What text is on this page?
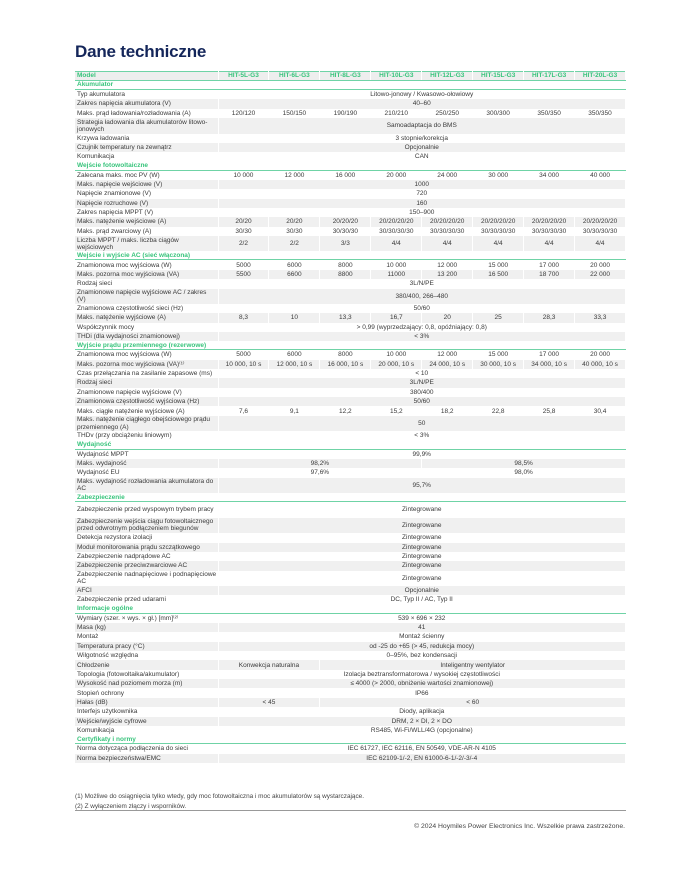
Dane techniczne
Model	HIT-5L-G3	HIT-6L-G3	HIT-8L-G3	HIT-10L-G3	HIT-12L-G3	HIT-15L-G3	HIT-17L-G3	HIT-20L-G3
Akumulator								
Typ akumulatora	Litowo-jonowy / Kwasowo-ołowiowy							
Zakres napięcia akumulatora (V)	40–60							
Maks. prąd ładowania/rozładowania (A)	120/120	150/150	190/190	210/210	250/250	300/300	350/350	350/350
Strategia ładowania dla akumulatorów litowo-jonowych	Samoadaptacja do BMS							
Krzywa ładowania	3 stopnie/korekcja							
Czujnik temperatury na zewnątrz	Opcjonalnie							
Komunikacja	CAN							
Wejście fotowoltaiczne								
Zalecana maks. moc PV (W)	10 000	12 000	16 000	20 000	24 000	30 000	34 000	40 000
Maks. napięcie wejściowe (V)	1000							
Napięcie znamionowe (V)	720							
Napięcie rozruchowe (V)	160							
Zakres napięcia MPPT (V)	150–900							
Maks. natężenie wejściowe (A)	20/20	20/20	20/20/20	20/20/20/20	20/20/20/20	20/20/20/20	20/20/20/20	20/20/20/20
Maks. prąd zwarciowy (A)	30/30	30/30	30/30/30	30/30/30/30	30/30/30/30	30/30/30/30	30/30/30/30	30/30/30/30
Liczba MPPT / maks. liczba ciągów wejściowych	2/2	2/2	3/3	4/4	4/4	4/4	4/4	4/4
Wejście i wyjście AC (sieć włączona)								
Znamionowa moc wyjściowa (W)	5000	6000	8000	10 000	12 000	15 000	17 000	20 000
Maks. pozorna moc wyjściowa (VA)	5500	6600	8800	11000	13 200	16 500	18 700	22 000
Rodzaj sieci	3L/N/PE							
Znamionowe napięcie wyjściowe AC / zakres (V)	380/400, 266–480							
Znamionowa częstotliwość sieci (Hz)	50/60							
Maks. natężenie wyjściowe (A)	8,3	10	13,3	16,7	20	25	28,3	33,3
Współczynnik mocy	> 0,99 (wyprzedzający: 0,8, opóźniający: 0,8)							
THDi (dla wydajności znamionowej)	< 3%							
Wyjście prądu przemiennego (rezerwowe)								
Znamionowa moc wyjściowa (W)	5000	6000	8000	10 000	12 000	15 000	17 000	20 000
Maks. pozorna moc wyjściowa (VA)⁽¹⁾	10 000, 10 s	12 000, 10 s	16 000, 10 s	20 000, 10 s	24 000, 10 s	30 000, 10 s	34 000, 10 s	40 000, 10 s
Czas przełączania na zasilanie zapasowe (ms)	< 10							
Rodzaj sieci	3L/N/PE							
Znamionowe napięcie wyjściowe (V)	380/400							
Znamionowa częstotliwość wyjściowa (Hz)	50/60							
Maks. ciągłe natężenie wyjściowe (A)	7,6	9,1	12,2	15,2	18,2	22,8	25,8	30,4
Maks. natężenie ciągłego obejściowego prądu przemiennego (A)	50							
THDv (przy obciążeniu liniowym)	< 3%							
Wydajność								
Wydajność MPPT	99,9%							
Maks. wydajność	98,2%				98,5%			
Wydajność EU	97,6%				98,0%			
Maks. wydajność rozładowania akumulatora do AC	95,7%							
Zabezpieczenie								
Zabezpieczenie przed wyspowym trybem pracy	Zintegrowane							
Zabezpieczenie wejścia ciągu fotowoltaicznego przed odwrotnym podłączeniem biegunów	Zintegrowane							
Detekcja rezystora izolacji	Zintegrowane							
Moduł monitorowania prądu szczątkowego	Zintegrowane							
Zabezpieczenie nadprądowe AC	Zintegrowane							
Zabezpieczenie przeciwzwarciowe AC	Zintegrowane							
Zabezpieczenie nadnapięciowe i podnapięciowe AC	Zintegrowane							
AFCI	Opcjonalnie							
Zabezpieczenie przed udarami	DC, Typ II / AC, Typ II							
Informacje ogólne								
Wymiary (szer. × wys. × gł.) [mm]⁽²⁾	539 × 696 × 232							
Masa (kg)	41							
Montaż	Montaż ścienny							
Temperatura pracy (°C)	od -25 do +65 (> 45, redukcja mocy)							
Wilgotność względna	0–95%, bez kondensacji							
Chłodzenie	Konwekcja naturalna		Inteligentny wentylator					
Topologia (fotowoltaika/akumulator)	Izolacja beztransformatorowa / wysokiej częstotliwości							
Wysokość nad poziomem morza (m)	≤ 4000 (> 2000, obniżenie wartości znamionowej)							
Stopień ochrony	IP66							
Hałas (dB)	< 45		< 60					
Interfejs użytkownika	Diody, aplikacja							
Wejście/wyjście cyfrowe	DRM, 2 × DI, 2 × DO							
Komunikacja	RS485, Wi-Fi/WLL/4G (opcjonalne)							
Certyfikaty i normy								
Norma dotycząca podłączenia do sieci	IEC 61727, IEC 62116, EN 50549, VDE-AR-N 4105							
Norma bezpieczeństwa/EMC	IEC 62109-1/-2, EN 61000-6-1/-2/-3/-4							
(1) Możliwe do osiągnięcia tylko wtedy, gdy moc fotowoltaiczna i moc akumulatorów są wystarczające.
(2) Z wyłączeniem złączy i wsporników.
© 2024 Hoymiles Power Electronics Inc. Wszelkie prawa zastrzeżone.
